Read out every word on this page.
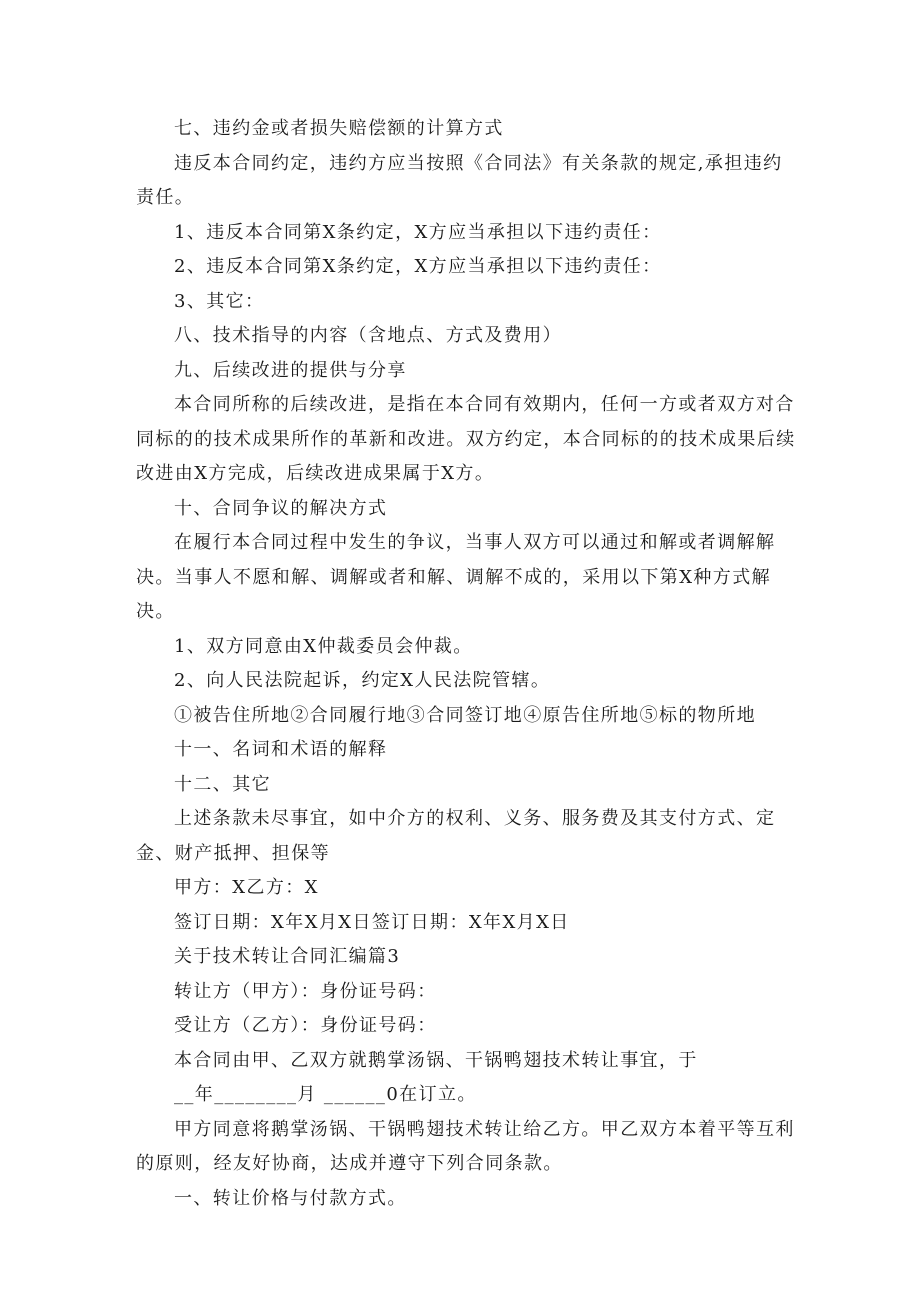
七、违约金或者损失赔偿额的计算方式

违反本合同约定，违约方应当按照《合同法》有关条款的规定,承担违约责任。

1、违反本合同第X条约定，X方应当承担以下违约责任：

2、违反本合同第X条约定，X方应当承担以下违约责任：

3、其它：

八、技术指导的内容（含地点、方式及费用）

九、后续改进的提供与分享

本合同所称的后续改进，是指在本合同有效期内，任何一方或者双方对合同标的的技术成果所作的革新和改进。双方约定，本合同标的的技术成果后续改进由X方完成，后续改进成果属于X方。

十、合同争议的解决方式

在履行本合同过程中发生的争议，当事人双方可以通过和解或者调解解决。当事人不愿和解、调解或者和解、调解不成的，采用以下第X种方式解决。

1、双方同意由X仲裁委员会仲裁。

2、向人民法院起诉，约定X人民法院管辖。

①被告住所地②合同履行地③合同签订地④原告住所地⑤标的物所地

十一、名词和术语的解释

十二、其它

上述条款未尽事宜，如中介方的权利、义务、服务费及其支付方式、定金、财产抵押、担保等

甲方：X乙方：X

签订日期：X年X月X日签订日期：X年X月X日

关于技术转让合同汇编篇3

转让方（甲方）：身份证号码：

受让方（乙方）：身份证号码：

本合同由甲、乙双方就鹅掌汤锅、干锅鸭翅技术转让事宜，于

__年________月 ______0在订立。

甲方同意将鹅掌汤锅、干锅鸭翅技术转让给乙方。甲乙双方本着平等互利的原则，经友好协商，达成并遵守下列合同条款。

一、转让价格与付款方式。
